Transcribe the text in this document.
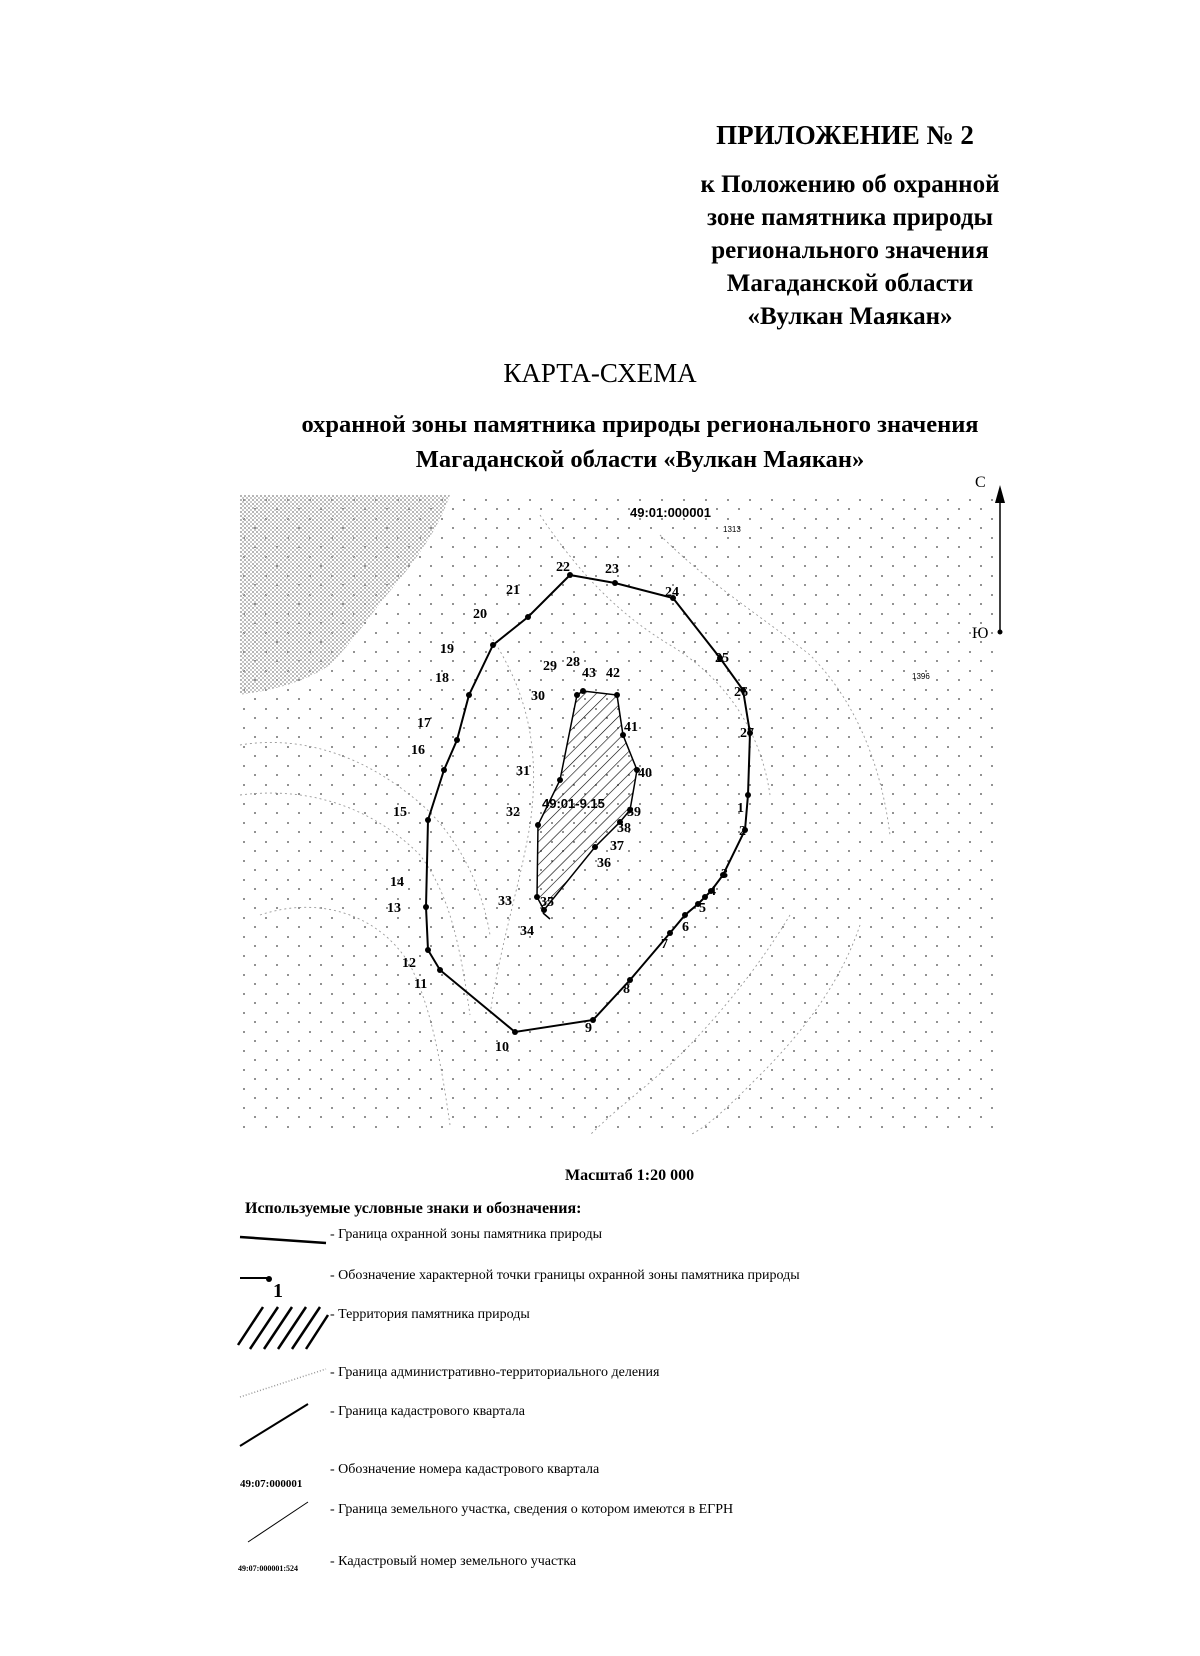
ПРИЛОЖЕНИЕ № 2
к Положению об охранной
зоне памятника природы
регионального значения
Магаданской области
«Вулкан Маякан»
КАРТА-СХЕМА
охранной зоны памятника природы регионального значения
Магаданской области «Вулкан Маякан»
1
2
3
4
5
6
7
8
9
10
11
12
13
14
15
16
17
18
19
20
21
22	23
24
25
26
27
28
29
30
31
32
33
34
35
36
37
38
39
40
41
42
43
49:01:000001
49:01-9.15
1313
1396
С
Ю
Масштаб 1:20 000
Используемые условные знаки и обозначения:
- Граница охранной зоны памятника природы
1
- Обозначение характерной точки границы охранной зоны памятника природы
- Территория памятника природы
- Граница административно-территориального деления
- Граница кадастрового квартала
49:07:000001
- Обозначение номера кадастрового квартала
- Граница земельного участка, сведения о котором имеются в ЕГРН
49:07:000001:524 - Кадастровый номер земельного участка
